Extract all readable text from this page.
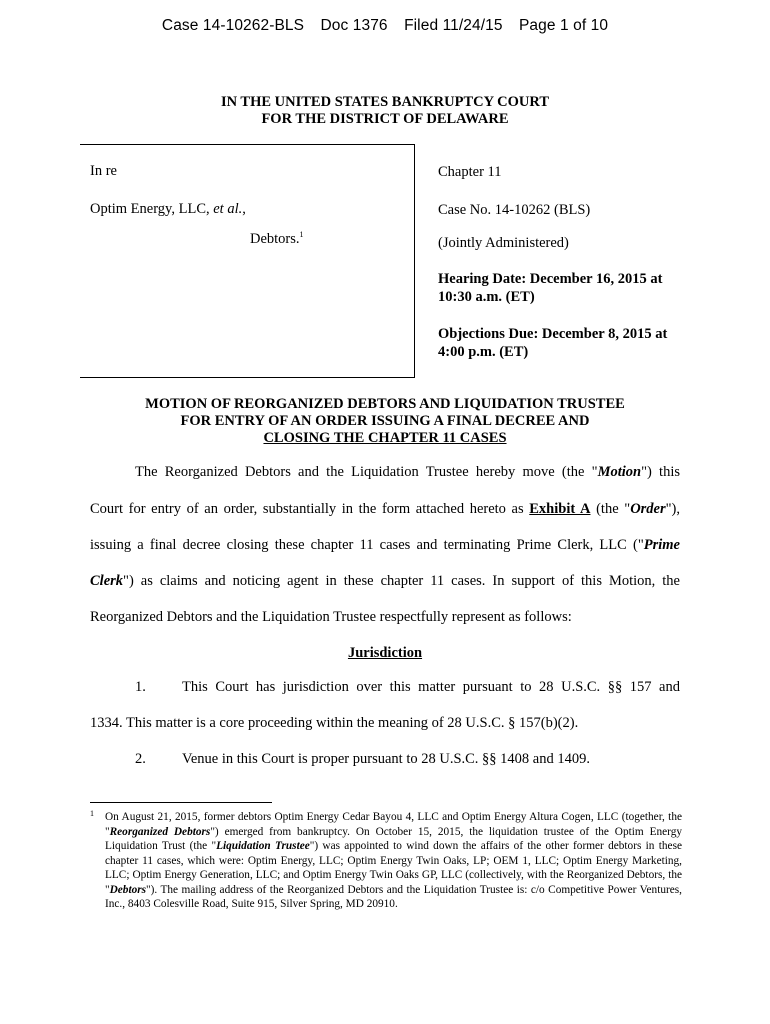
Case 14-10262-BLS Doc 1376 Filed 11/24/15 Page 1 of 10
IN THE UNITED STATES BANKRUPTCY COURT
FOR THE DISTRICT OF DELAWARE
In re
Optim Energy, LLC, et al.,
Debtors.$^1$
Chapter 11
Case No. 14-10262 (BLS)
(Jointly Administered)
Hearing Date: December 16, 2015 at
10:30 a.m. (ET)
Objections Due: December 8, 2015 at
4:00 p.m. (ET)
MOTION OF REORGANIZED DEBTORS AND LIQUIDATION TRUSTEE
FOR ENTRY OF AN ORDER ISSUING A FINAL DECREE AND
CLOSING THE CHAPTER 11 CASES
The Reorganized Debtors and the Liquidation Trustee hereby move (the "Motion") this
Court for entry of an order, substantially in the form attached hereto as Exhibit A (the "Order"),
issuing a final decree closing these chapter 11 cases and terminating Prime Clerk, LLC ("Prime
Clerk") as claims and noticing agent in these chapter 11 cases. In support of this Motion, the
Reorganized Debtors and the Liquidation Trustee respectfully represent as follows:
Jurisdiction
1.	This Court has jurisdiction over this matter pursuant to 28 U.S.C. §§ 157 and
1334. This matter is a core proceeding within the meaning of 28 U.S.C. § 157(b)(2).
2.	Venue in this Court is proper pursuant to 28 U.S.C. §§ 1408 and 1409.
1 On August 21, 2015, former debtors Optim Energy Cedar Bayou 4, LLC and Optim Energy Altura Cogen, LLC (together, the "Reorganized Debtors") emerged from bankruptcy. On October 15, 2015, the liquidation trustee of the Optim Energy Liquidation Trust (the "Liquidation Trustee") was appointed to wind down the affairs of the other former debtors in these chapter 11 cases, which were: Optim Energy, LLC; Optim Energy Twin Oaks, LP; OEM 1, LLC; Optim Energy Marketing, LLC; Optim Energy Generation, LLC; and Optim Energy Twin Oaks GP, LLC (collectively, with the Reorganized Debtors, the "Debtors"). The mailing address of the Reorganized Debtors and the Liquidation Trustee is: c/o Competitive Power Ventures, Inc., 8403 Colesville Road, Suite 915, Silver Spring, MD 20910.
